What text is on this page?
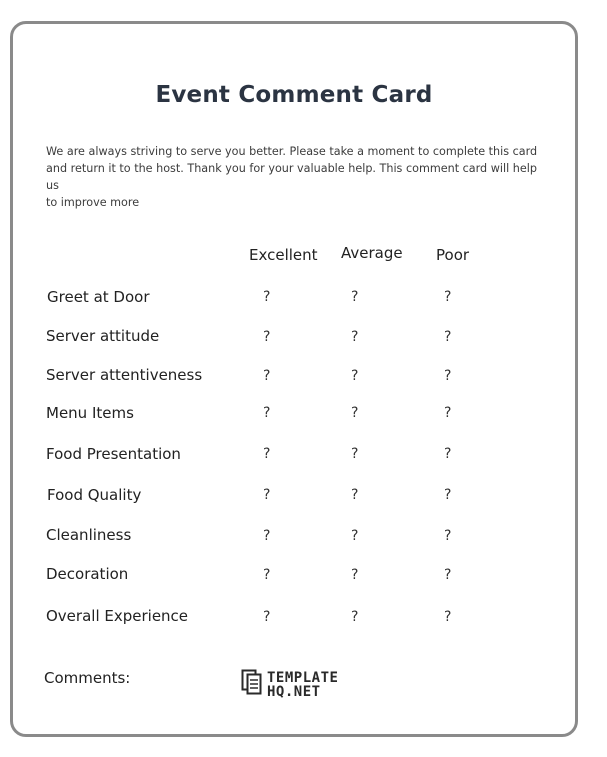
Event Comment Card
We are always striving to serve you better. Please take a moment to complete this card
and return it to the host. Thank you for your valuable help. This comment card will help us
to improve more
Excellent Average Poor
Greet at Door	?	?	?
Server attitude	?	?	?
Server attentiveness	?	?	?
Menu Items	?	?	?
Food Presentation	?	?	?
Food Quality	?	?	?
Cleanliness	?	?	?
Decoration	?	?	?
Overall Experience	?	?	?
Comments:	TEMPLATE
HQ.NET
